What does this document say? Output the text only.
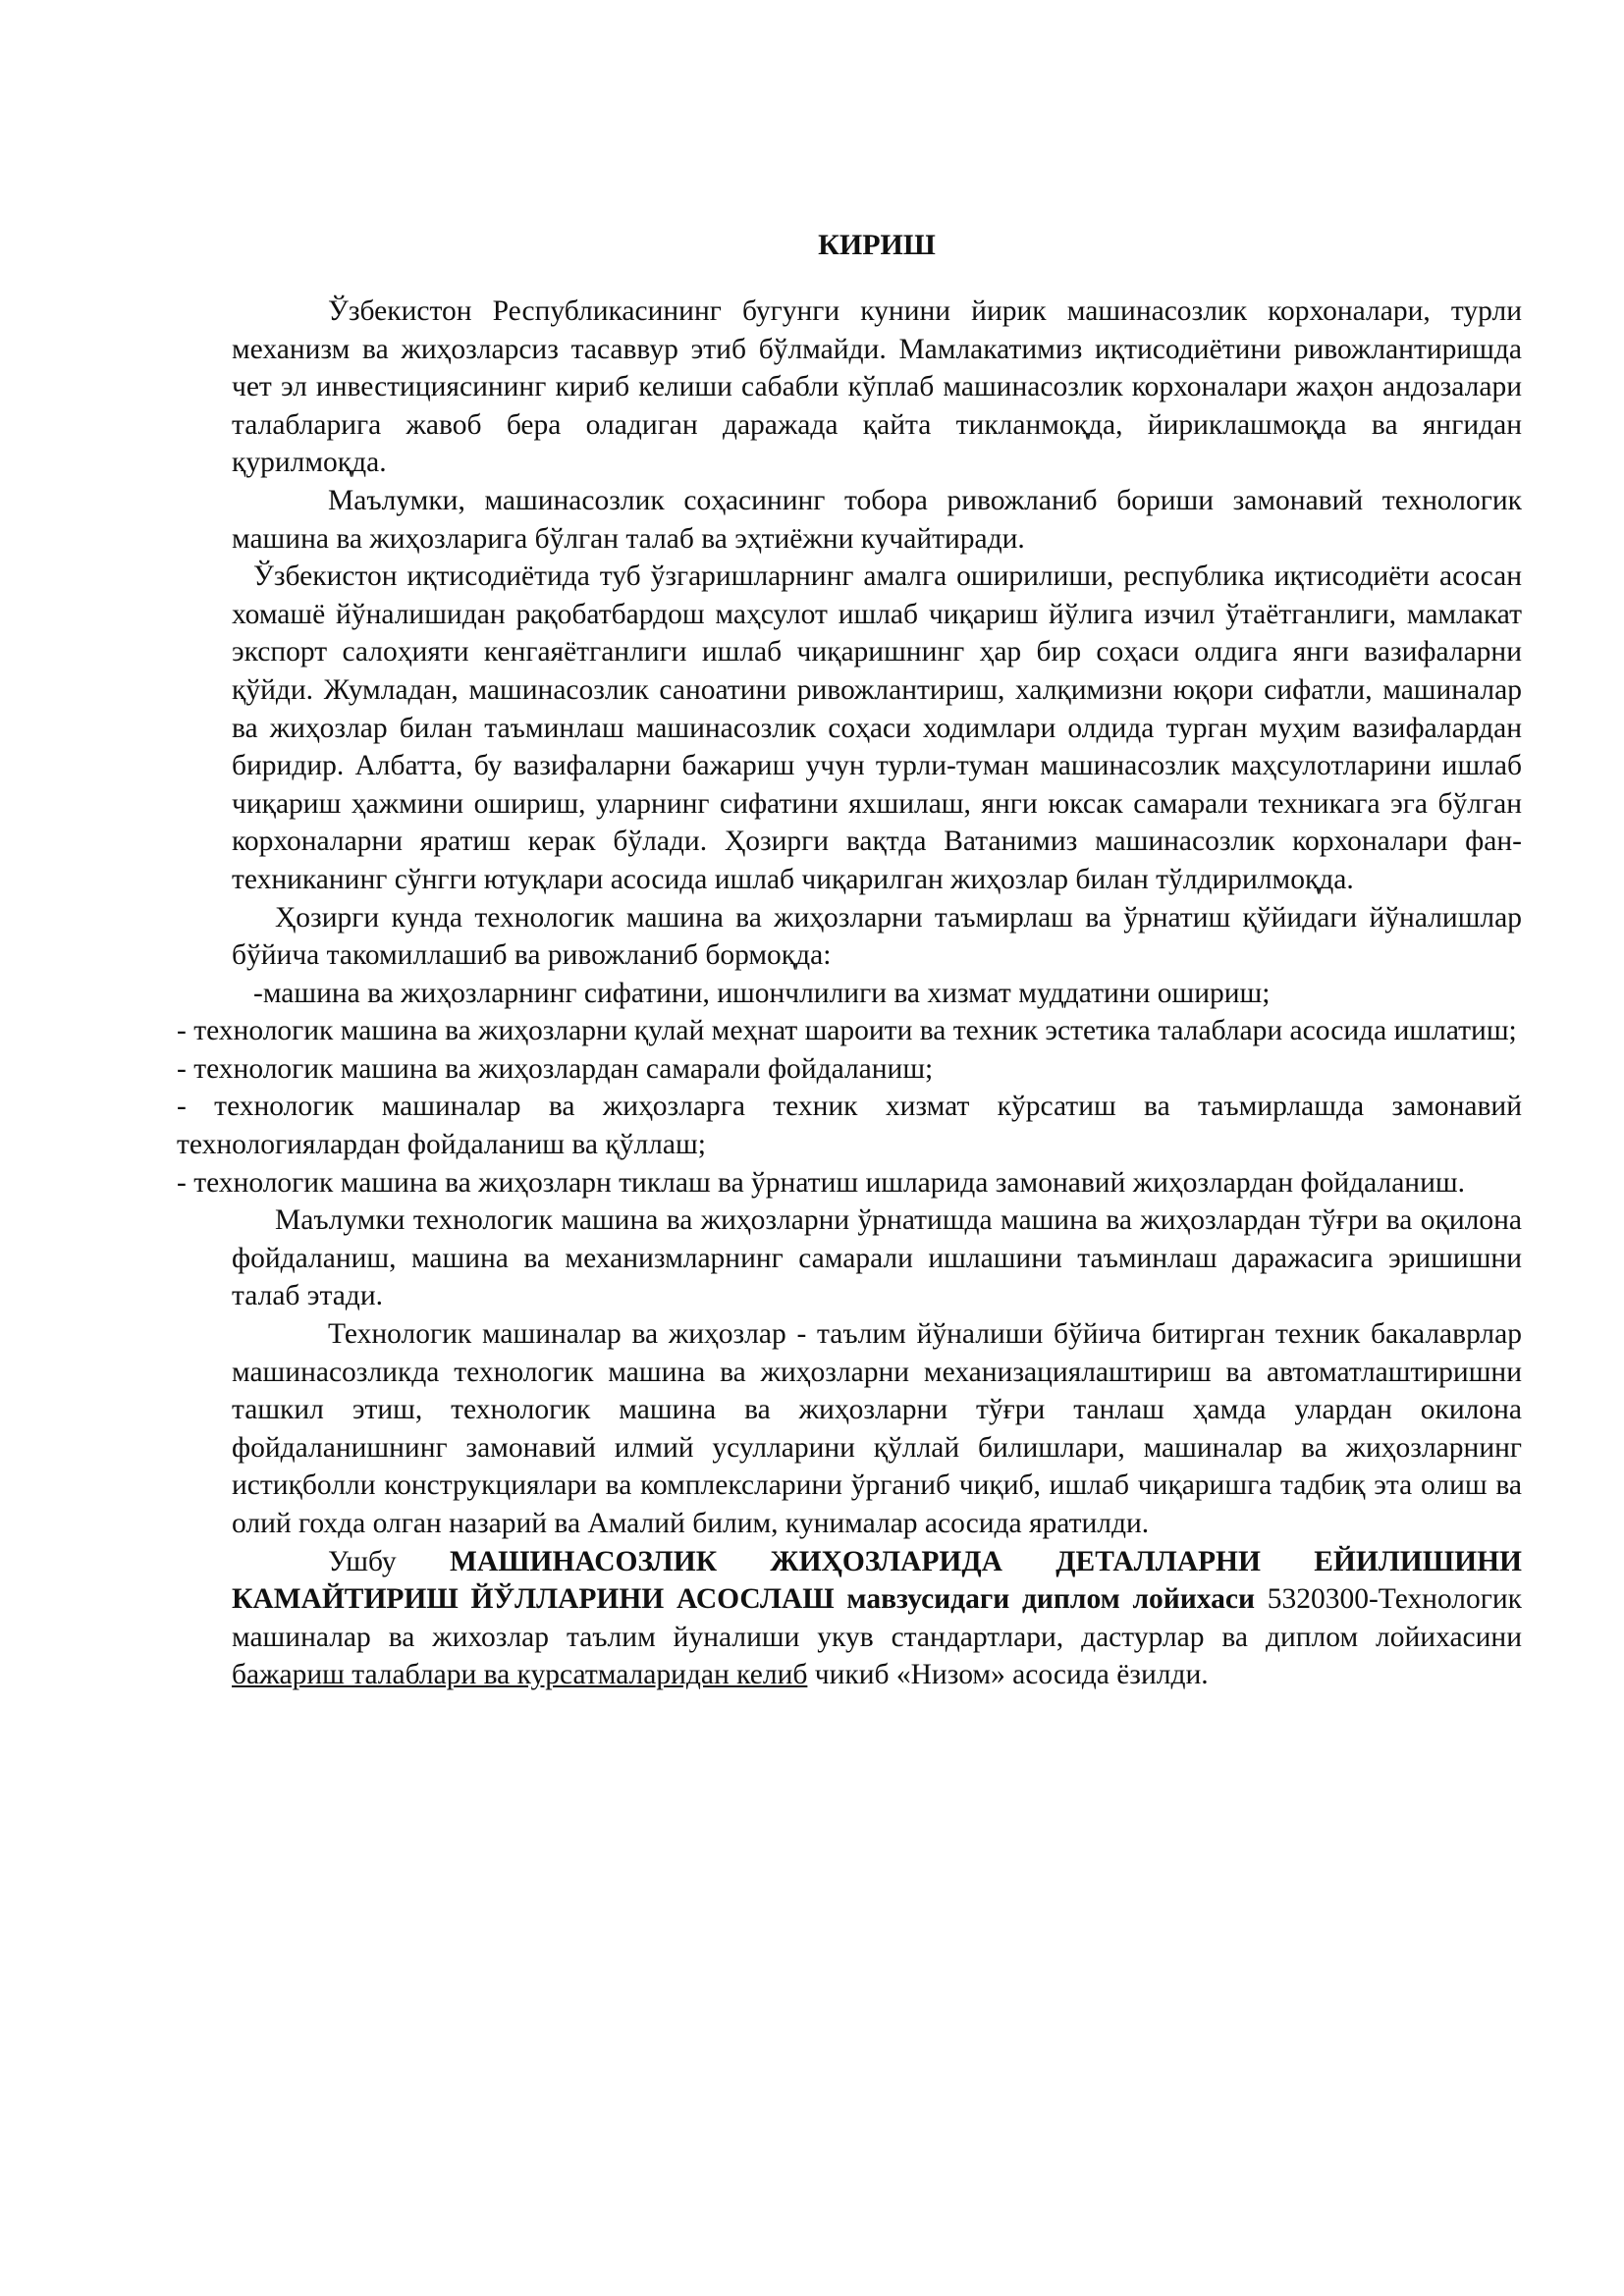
КИРИШ

Ўзбекистон Республикасининг бугунги кунини йирик машинасозлик корхоналари, турли механизм ва жиҳозларсиз тасаввур этиб бўлмайди. Мамлакатимиз иқтисодиётини ривожлантиришда чет эл инвестициясининг кириб келиши сабабли кўплаб машинасозлик корхоналари жаҳон андозалари талабларига жавоб бера оладиган даражада қайта тикланмоқда, йириклашмоқда ва янгидан қурилмоқда.

Маълумки, машинасозлик соҳасининг тобора ривожланиб бориши замонавий технологик машина ва жиҳозларига бўлган талаб ва эҳтиёжни кучайтиради.

Ўзбекистон иқтисодиётида туб ўзгаришларнинг амалга оширилиши, республика иқтисодиёти асосан хомашё йўналишидан рақобатбардош маҳсулот ишлаб чиқариш йўлига изчил ўтаётганлиги, мамлакат экспорт салоҳияти кенгаяётганлиги ишлаб чиқаришнинг ҳар бир соҳаси олдига янги вазифаларни қўйди. Жумладан, машинасозлик саноатини ривожлантириш, халқимизни юқори сифатли, машиналар ва жиҳозлар билан таъминлаш машинасозлик соҳаси ходимлари олдида турган муҳим вазифалардан биридир. Албатта, бу вазифаларни бажариш учун турли-туман машинасозлик маҳсулотларини ишлаб чиқариш ҳажмини ошириш, уларнинг сифатини яхшилаш, янги юксак самарали техникага эга бўлган корхоналарни яратиш керак бўлади. Ҳозирги вақтда Ватанимиз машинасозлик корхоналари фан-техниканинг сўнгги ютуқлари асосида ишлаб чиқарилган жиҳозлар билан тўлдирилмоқда.

Ҳозирги кунда технологик машина ва жиҳозларни таъмирлаш ва ўрнатиш қўйидаги йўналишлар бўйича такомиллашиб ва ривожланиб бормоқда:

-машина ва жиҳозларнинг сифатини, ишончлилиги ва хизмат муддатини ошириш;

- технологик машина ва жиҳозларни қулай меҳнат шароити ва техник эстетика талаблари асосида ишлатиш;

- технологик машина ва жиҳозлардан самарали фойдаланиш;

- технологик машиналар ва жиҳозларга техник хизмат кўрсатиш ва таъмирлашда замонавий технологиялардан фойдаланиш ва қўллаш;

- технологик машина ва жиҳозларн тиклаш ва ўрнатиш ишларида замонавий жиҳозлардан фойдаланиш.

Маълумки технологик машина ва жиҳозларни ўрнатишда машина ва жиҳозлардан тўғри ва оқилона фойдаланиш, машина ва механизмларнинг самарали ишлашини таъминлаш даражасига эришишни талаб этади.

Технологик машиналар ва жиҳозлар - таълим йўналиши бўйича битирган техник бакалаврлар машинасозликда технологик машина ва жиҳозларни механизациялаштириш ва автоматлаштиришни ташкил этиш, технологик машина ва жиҳозларни тўғри танлаш ҳамда улардан окилона фойдаланишнинг замонавий илмий усулларини қўллай билишлари, машиналар ва жиҳозларнинг истиқболли конструкциялари ва комплексларини ўрганиб чиқиб, ишлаб чиқаришга тадбиқ эта олиш ва олий гохда олган назарий ва Амалий билим, кунималар асосида яратилди.

Ушбу МАШИНАСОЗЛИК ЖИҲОЗЛАРИДА ДЕТАЛЛАРНИ ЕЙИЛИШИНИ КАМАЙТИРИШ ЙЎЛЛАРИНИ АСОСЛАШ мавзусидаги диплом лойихаси 5320300-Технологик машиналар ва жихозлар таълим йуналиши укув стандартлари, дастурлар ва диплом лойихасини бажариш талаблари ва курсатмаларидан келиб чикиб «Низом» асосида ёзилди.
